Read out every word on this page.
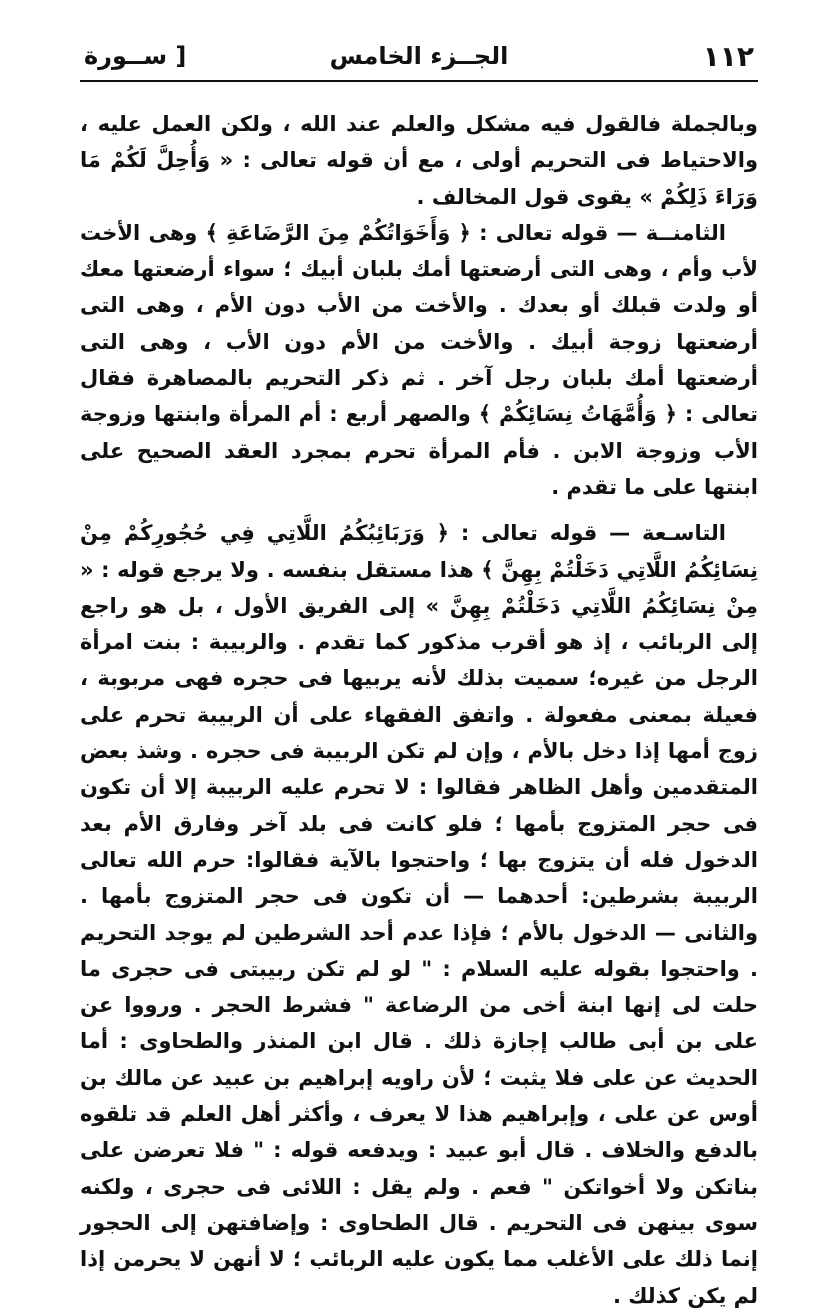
١١٢
الجــزء الخامس
[ ســورة

وبالجملة فالقول فيه مشكل والعلم عند الله ، ولكن العمل عليه ، والاحتياط فى التحريم أولى ، مع أن قوله تعالى : « وَأُحِلَّ لَكُمْ مَا وَرَاءَ ذَلِكُمْ » يقوى قول المخالف .

الثامنــة — قوله تعالى : ﴿ وَأَخَوَاتُكُمْ مِنَ الرَّضَاعَةِ ﴾ وهى الأخت لأب وأم ، وهى التى أرضعتها أمك بلبان أبيك ؛ سواء أرضعتها معك أو ولدت قبلك أو بعدك . والأخت من الأب دون الأم ، وهى التى أرضعتها زوجة أبيك . والأخت من الأم دون الأب ، وهى التى أرضعتها أمك بلبان رجل آخر . ثم ذكر التحريم بالمصاهرة فقال تعالى : ﴿ وَأُمَّهَاتُ نِسَائِكُمْ ﴾ والصهر أربع : أم المرأة وابنتها وزوجة الأب وزوجة الابن . فأم المرأة تحرم بمجرد العقد الصحيح على ابنتها على ما تقدم .

التاسـعة — قوله تعالى : ﴿ وَرَبَائِبُكُمُ اللَّاتِي فِي حُجُورِكُمْ مِنْ نِسَائِكُمُ اللَّاتِي دَخَلْتُمْ بِهِنَّ ﴾ هذا مستقل بنفسه . ولا يرجع قوله : « مِنْ نِسَائِكُمُ اللَّاتِي دَخَلْتُمْ بِهِنَّ » إلى الفريق الأول ، بل هو راجع إلى الربائب ، إذ هو أقرب مذكور كما تقدم . والربيبة : بنت امرأة الرجل من غيره؛ سميت بذلك لأنه يربيها فى حجره فهى مربوبة ، فعيلة بمعنى مفعولة . واتفق الفقهاء على أن الربيبة تحرم على زوج أمها إذا دخل بالأم ، وإن لم تكن الربيبة فى حجره . وشذ بعض المتقدمين وأهل الظاهر فقالوا : لا تحرم عليه الربيبة إلا أن تكون فى حجر المتزوج بأمها ؛ فلو كانت فى بلد آخر وفارق الأم بعد الدخول فله أن يتزوج بها ؛ واحتجوا بالآية فقالوا: حرم الله تعالى الربيبة بشرطين: أحدهما — أن تكون فى حجر المتزوج بأمها . والثانى — الدخول بالأم ؛ فإذا عدم أحد الشرطين لم يوجد التحريم . واحتجوا بقوله عليه السلام : " لو لم تكن ربيبتى فى حجرى ما حلت لى إنها ابنة أخى من الرضاعة " فشرط الحجر . ورووا عن على بن أبى طالب إجازة ذلك . قال ابن المنذر والطحاوى : أما الحديث عن على فلا يثبت ؛ لأن راويه إبراهيم بن عبيد عن مالك بن أوس عن على ، وإبراهيم هذا لا يعرف ، وأكثر أهل العلم قد تلقوه بالدفع والخلاف . قال أبو عبيد : ويدفعه قوله : " فلا تعرضن على بناتكن ولا أخواتكن " فعم . ولم يقل : اللائى فى حجرى ، ولكنه سوى بينهن فى التحريم . قال الطحاوى : وإضافتهن إلى الحجور إنما ذلك على الأغلب مما يكون عليه الربائب ؛ لا أنهن لا يحرمن إذا لم يكن كذلك .
